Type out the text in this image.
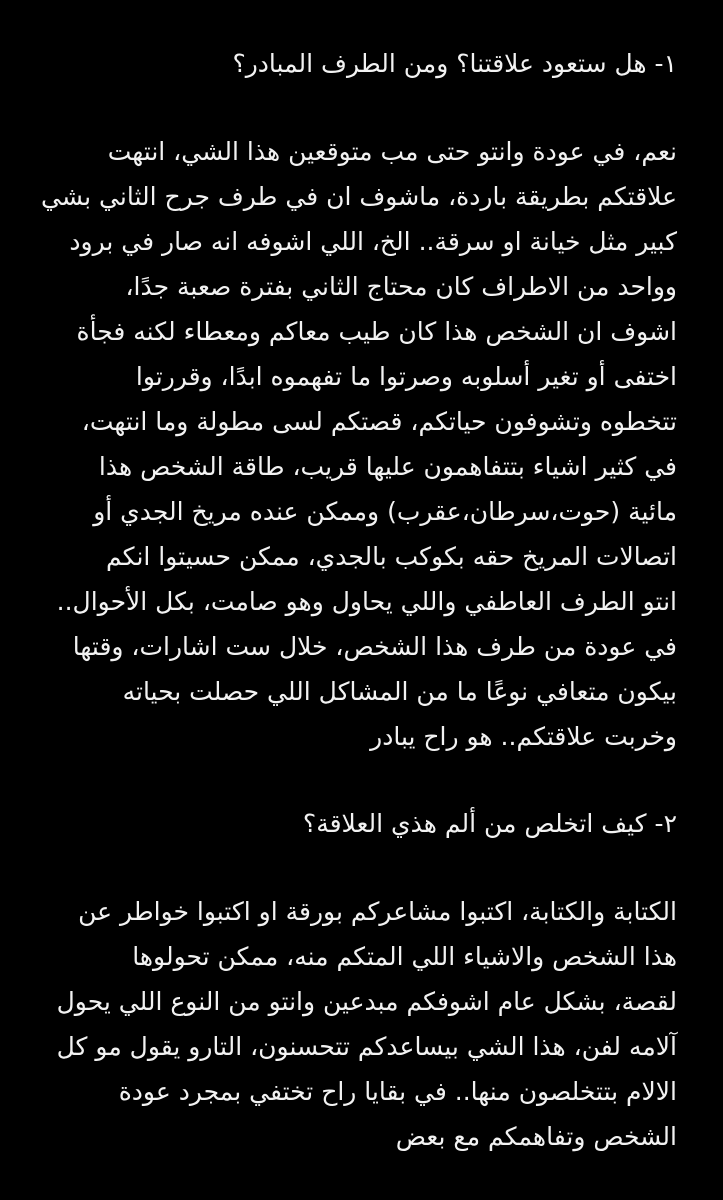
١- هل ستعود علاقتنا؟ ومن الطرف المبادر؟
نعم، في عودة وانتو حتى مب متوقعين هذا الشي، انتهت
علاقتكم بطريقة باردة، ماشوف ان في طرف جرح الثاني بشي
كبير مثل خيانة او سرقة.. الخ، اللي اشوفه انه صار في برود
وواحد من الاطراف كان محتاج الثاني بفترة صعبة جدًا،
اشوف ان الشخص هذا كان طيب معاكم ومعطاء لكنه فجأة
اختفى أو تغير أسلوبه وصرتوا ما تفهموه ابدًا، وقررتوا
تتخطوه وتشوفون حياتكم، قصتكم لسى مطولة وما انتهت،
في كثير اشياء بتتفاهمون عليها قريب، طاقة الشخص هذا
مائية (حوت،سرطان،عقرب) وممكن عنده مريخ الجدي أو
اتصالات المريخ حقه بكوكب بالجدي، ممكن حسيتوا انكم
انتو الطرف العاطفي واللي يحاول وهو صامت، بكل الأحوال..
في عودة من طرف هذا الشخص، خلال ست اشارات، وقتها
بيكون متعافي نوعًا ما من المشاكل اللي حصلت بحياته
وخربت علاقتكم.. هو راح يبادر
٢- كيف اتخلص من ألم هذي العلاقة؟
الكتابة والكتابة، اكتبوا مشاعركم بورقة او اكتبوا خواطر عن
هذا الشخص والاشياء اللي المتكم منه، ممكن تحولوها
لقصة، بشكل عام اشوفكم مبدعين وانتو من النوع اللي يحول
آلامه لفن، هذا الشي بيساعدكم تتحسنون، التارو يقول مو كل
الالام بتتخلصون منها.. في بقايا راح تختفي بمجرد عودة
الشخص وتفاهمكم مع بعض
